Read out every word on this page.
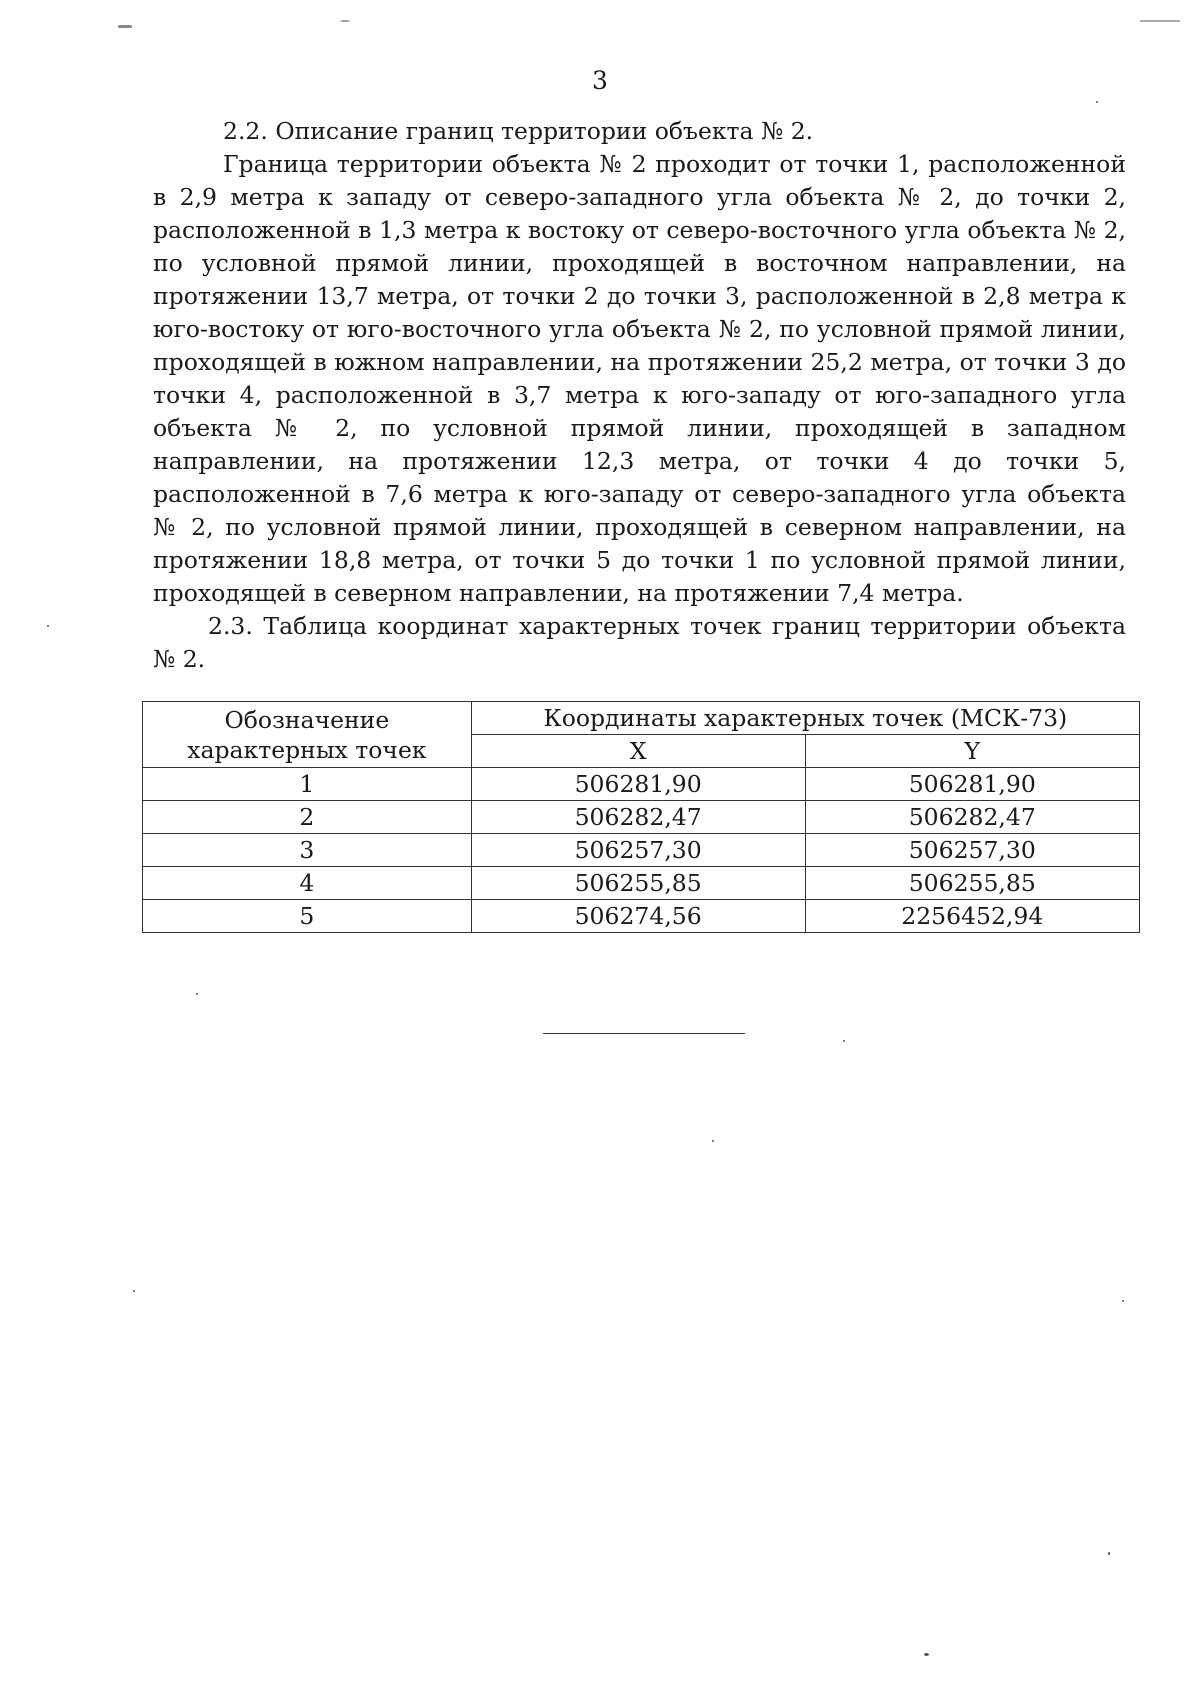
3

2.2. Описание границ территории объекта № 2.

Граница территории объекта № 2 проходит от точки 1, расположенной в 2,9 метра к западу от северо-западного угла объекта № 2, до точки 2, расположенной в 1,3 метра к востоку от северо-восточного угла объекта № 2, по условной прямой линии, проходящей в восточном направлении, на протяжении 13,7 метра, от точки 2 до точки 3, расположенной в 2,8 метра к юго-востоку от юго-восточного угла объекта № 2, по условной прямой линии, проходящей в южном направлении, на протяжении 25,2 метра, от точки 3 до точки 4, расположенной в 3,7 метра к юго-западу от юго-западного угла объекта № 2, по условной прямой линии, проходящей в западном направлении, на протяжении 12,3 метра, от точки 4 до точки 5, расположенной в 7,6 метра к юго-западу от северо-западного угла объекта № 2, по условной прямой линии, проходящей в северном направлении, на протяжении 18,8 метра, от точки 5 до точки 1 по условной прямой линии, проходящей в северном направлении, на протяжении 7,4 метра.

2.3. Таблица координат характерных точек границ территории объекта № 2.

Обозначение характерных точек	Координаты характерных точек (МСК-73)	
	X	Y
1	506281,90	506281,90
2	506282,47	506282,47
3	506257,30	506257,30
4	506255,85	506255,85
5	506274,56	2256452,94
